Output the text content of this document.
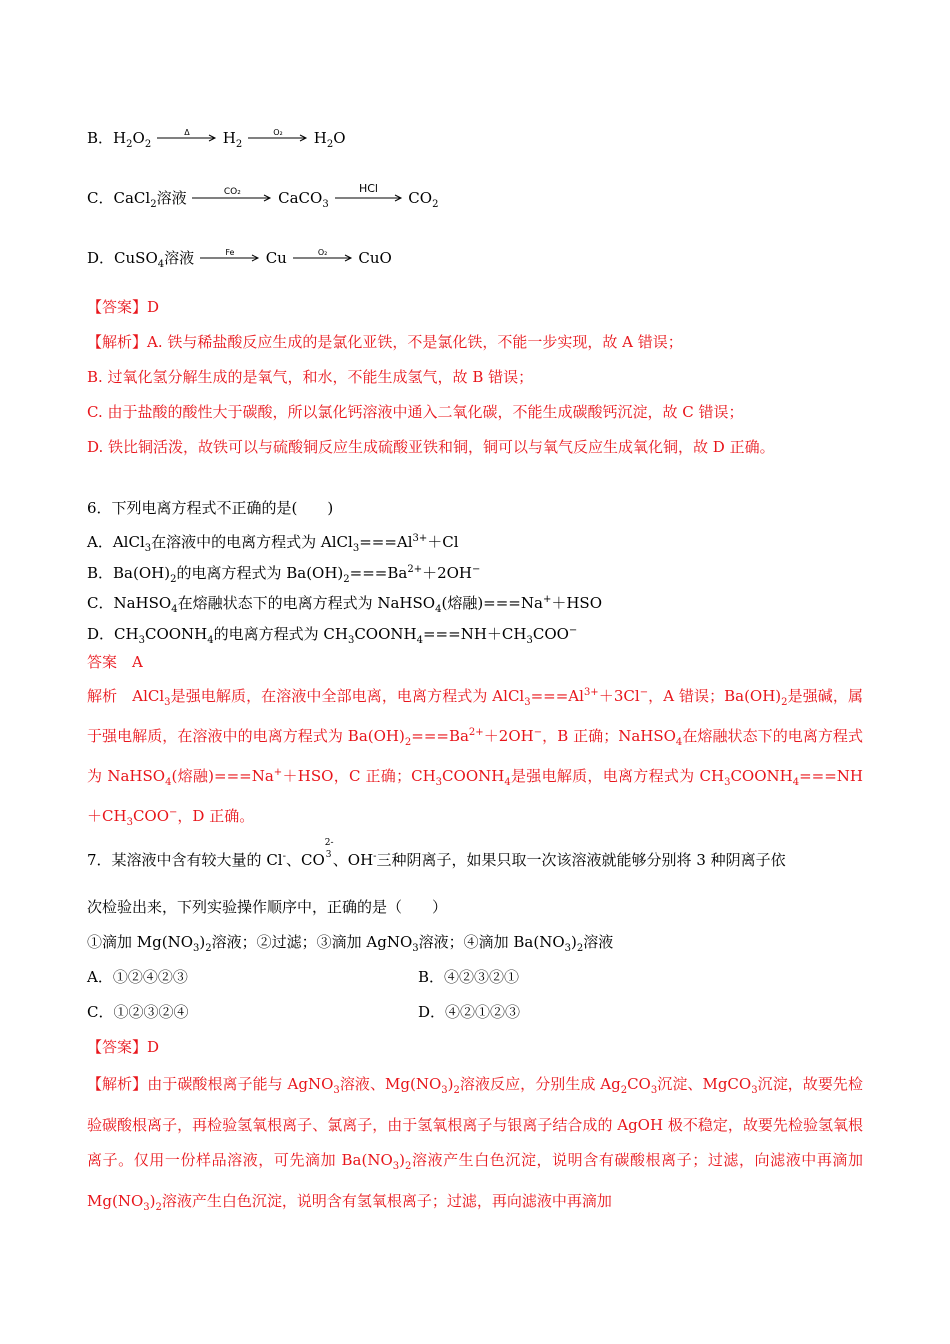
B．$H_2O_2$
Δ	$H_2$
O₂	$H_2O$
C．CaCl$_2$溶液	CO₂	CaCO$_3$
HCl
$CO_2$
D．CuSO$_4$溶液	Fe	Cu	O₂	CuO
【答案】D
【解析】A. 铁与稀盐酸反应生成的是氯化亚铁，不是氯化铁，不能一步实现，故 A 错误；
B. 过氧化氢分解生成的是氧气，和水，不能生成氢气，故 B 错误；
C. 由于盐酸的酸性大于碳酸，所以氯化钙溶液中通入二氧化碳，不能生成碳酸钙沉淀，故 C 错误；
D. 铁比铜活泼，故铁可以与硫酸铜反应生成硫酸亚铁和铜，铜可以与氧气反应生成氧化铜，故 D 正确。
6．下列电离方程式不正确的是(　　)
A．AlCl$_3$在溶液中的电离方程式为 $AlCl_3===Al^{3+}+Cl$
B．$Ba(OH)_2$的电离方程式为 $Ba(OH)_2===Ba^{2+}+2OH^-$
C．NaHSO$_4$在熔融状态下的电离方程式为 NaHSO$_4$(熔融)===Na+＋HSO
D．$CH_3COONH_4$的电离方程式为 $CH_3COONH_4===NH+CH_3COO^-$
答案　A
解析　AlCl$_3$是强电解质，在溶液中全部电离，电离方程式为 $AlCl_3===Al^{3+}+3Cl^-$，A 错误；$Ba(OH)_2$是强碱，属于强电解质，在溶液中的电离方程式为 $Ba(OH)_2===Ba^{2+}+2OH^-$，B 正确；NaHSO$_4$在熔融状态下的电离方程式为 NaHSO$_4$(熔融)===Na+＋HSO，C 正确；$CH_3COONH_4$是强电解质，电离方程式为 $CH_3COONH_4===NH+CH_3COO^-$，D 正确。
7．某溶液中含有较大量的 Cl-、CO
2-
3 、OH-三种阴离子，如果只取一次该溶液就能够分别将 3 种阴离子依
次检验出来，下列实验操作顺序中，正确的是（　　）
①滴加 $Mg(NO_3)_2$溶液；②过滤；③滴加 AgNO$_3$溶液；④滴加 $Ba(NO_3)_2$溶液
A．①②④②③	B．④②③②①
C．①②③②④	D．④②①②③
【答案】D
【解析】由于碳酸根离子能与 AgNO$_3$溶液、$Mg(NO_3)_2$溶液反应，分别生成 $Ag_2CO_3$沉淀、MgCO$_3$沉淀，故要先检验碳酸根离子，再检验氢氧根离子、氯离子，由于氢氧根离子与银离子结合成的 AgOH 极不稳定，故要先检验氢氧根离子。仅用一份样品溶液，可先滴加 $Ba(NO_3)_2$溶液产生白色沉淀，说明含有碳酸根离子；过滤，向滤液中再滴加 $Mg(NO_3)_2$溶液产生白色沉淀，说明含有氢氧根离子；过滤，再向滤液中再滴加
